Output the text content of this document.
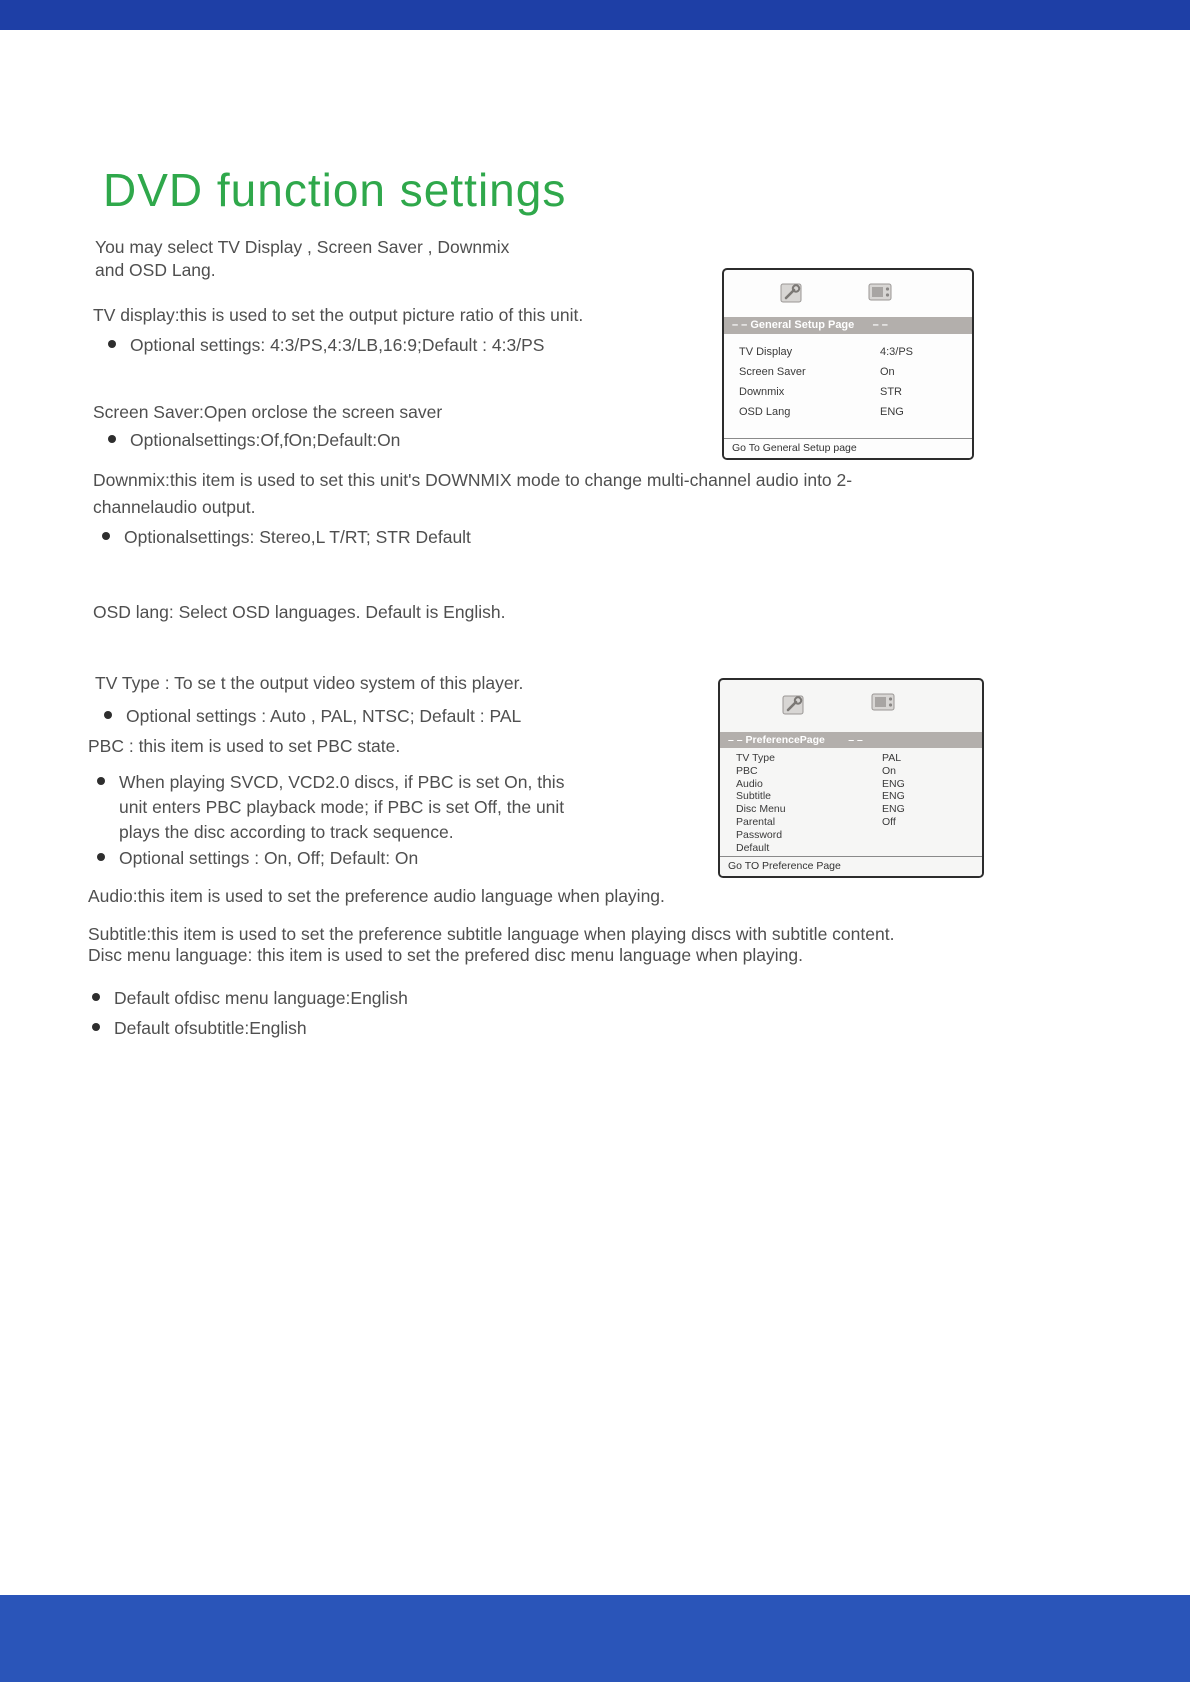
DVD function settings
You may select TV Display , Screen Saver , Downmix
and OSD Lang.
TV display:this is used to set the output picture ratio of this unit.
Optional settings: 4:3/PS,4:3/LB,16:9;Default : 4:3/PS
Screen Saver:Open orclose the screen saver
Optionalsettings:Of,fOn;Default:On
Downmix:this item is used to set this unit's DOWNMIX mode to change multi-channel audio into 2-channelaudio output.
Optionalsettings: Stereo,L T/RT; STR Default
OSD lang: Select OSD languages. Default is English.
TV Type : To se t the output video system of this player.
Optional settings : Auto , PAL, NTSC; Default : PAL
PBC : this item is used to set PBC state.
When playing SVCD, VCD2.0 discs, if PBC is set On, this unit enters PBC playback mode; if PBC is set Off, the unit plays the disc according to track sequence.
Optional settings : On, Off; Default: On
Audio:this item is used to set the preference audio language when playing.
Subtitle:this item is used to set the preference subtitle language when playing discs with subtitle content.
Disc menu language: this item is used to set the prefered disc menu language when playing.
Default ofdisc menu language:English
Default ofsubtitle:English
– – General Setup Page      – –
TV Display	4:3/PS
Screen Saver	On
Downmix	STR
OSD Lang	ENG
Go To General Setup page
– – PreferencePage        – –
TV Type	PAL
PBC	On
Audio	ENG
Subtitle	ENG
Disc Menu	ENG
Parental	Off
Password
Default
Go TO Preference Page
